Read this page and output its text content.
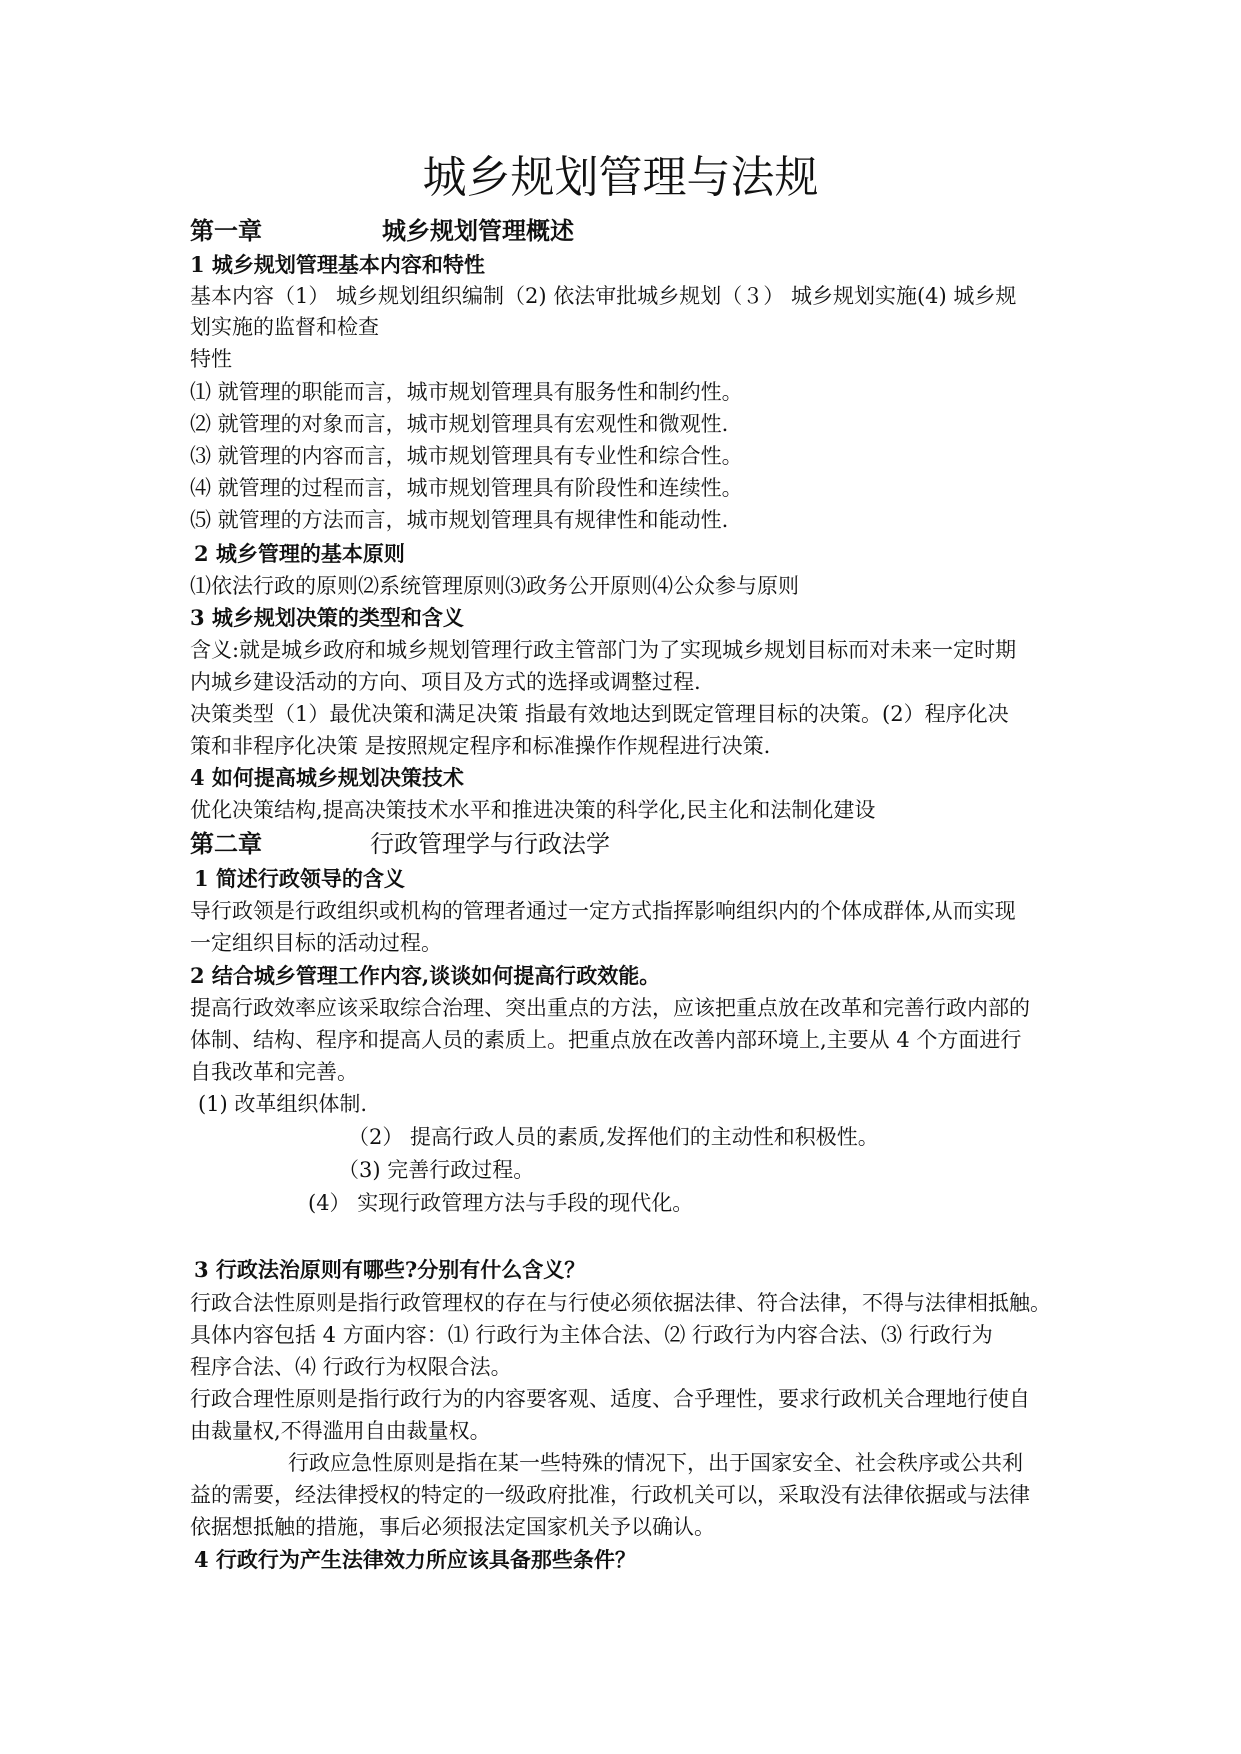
城乡规划管理与法规
第一章	城乡规划管理概述
1 城乡规划管理基本内容和特性
基本内容（1） 城乡规划组织编制（2) 依法审批城乡规划（３） 城乡规划实施(4) 城乡规
划实施的监督和检查
特性
⑴ 就管理的职能而言，城市规划管理具有服务性和制约性。
⑵ 就管理的对象而言，城市规划管理具有宏观性和微观性.
⑶ 就管理的内容而言，城市规划管理具有专业性和综合性。
⑷ 就管理的过程而言，城市规划管理具有阶段性和连续性。
⑸ 就管理的方法而言，城市规划管理具有规律性和能动性.
2 城乡管理的基本原则
⑴依法行政的原则⑵系统管理原则⑶政务公开原则⑷公众参与原则
3 城乡规划决策的类型和含义
含义:就是城乡政府和城乡规划管理行政主管部门为了实现城乡规划目标而对未来一定时期
内城乡建设活动的方向、项目及方式的选择或调整过程.
决策类型（1）最优决策和满足决策 指最有效地达到既定管理目标的决策。(2）程序化决
策和非程序化决策 是按照规定程序和标准操作作规程进行决策.
4 如何提高城乡规划决策技术
优化决策结构,提高决策技术水平和推进决策的科学化,民主化和法制化建设
第二章	行政管理学与行政法学
1 简述行政领导的含义
导行政领是行政组织或机构的管理者通过一定方式指挥影响组织内的个体成群体,从而实现
一定组织目标的活动过程。
2 结合城乡管理工作内容,谈谈如何提高行政效能。
提高行政效率应该采取综合治理、突出重点的方法，应该把重点放在改革和完善行政内部的
体制、结构、程序和提高人员的素质上。把重点放在改善内部环境上,主要从 4 个方面进行
自我改革和完善。
(1) 改革组织体制.
（2） 提高行政人员的素质,发挥他们的主动性和积极性。
（3) 完善行政过程。
(4） 实现行政管理方法与手段的现代化。
3 行政法治原则有哪些?分别有什么含义？
行政合法性原则是指行政管理权的存在与行使必须依据法律、符合法律，不得与法律相抵触。
具体内容包括 4 方面内容：⑴ 行政行为主体合法、⑵ 行政行为内容合法、⑶ 行政行为
程序合法、⑷ 行政行为权限合法。
行政合理性原则是指行政行为的内容要客观、适度、合乎理性，要求行政机关合理地行使自
由裁量权,不得滥用自由裁量权。
行政应急性原则是指在某一些特殊的情况下，出于国家安全、社会秩序或公共利
益的需要，经法律授权的特定的一级政府批准，行政机关可以，采取没有法律依据或与法律
依据想抵触的措施，事后必须报法定国家机关予以确认。
4 行政行为产生法律效力所应该具备那些条件？
